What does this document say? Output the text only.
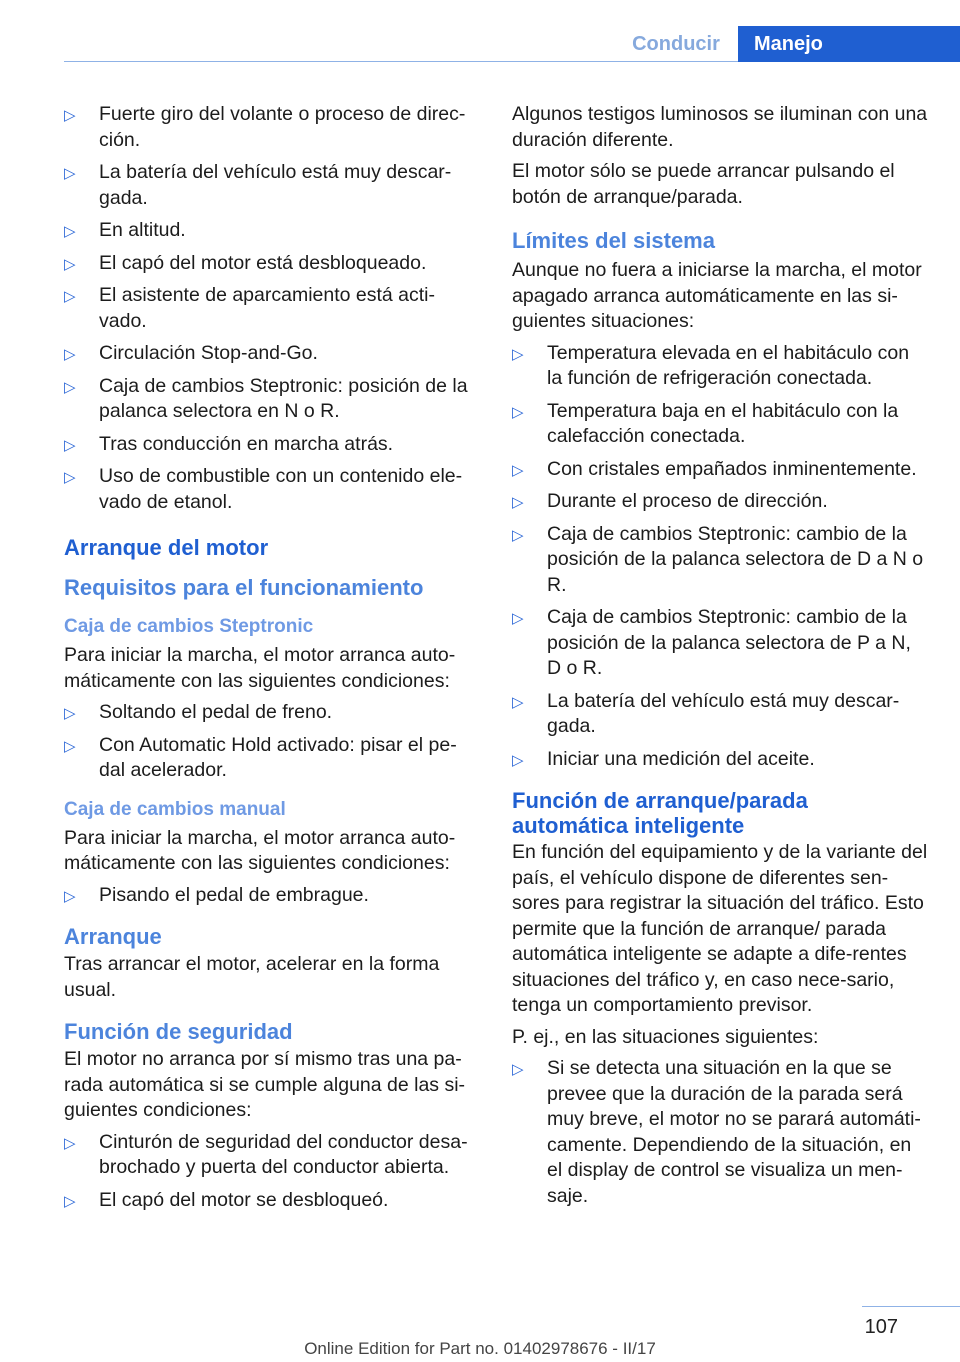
Conducir	Manejo
▷ Fuerte giro del volante o proceso de direc-ción.
▷ La batería del vehículo está muy descar-gada.
▷ En altitud.
▷ El capó del motor está desbloqueado.
▷ El asistente de aparcamiento está acti-vado.
▷ Circulación Stop-and-Go.
▷ Caja de cambios Steptronic: posición de la palanca selectora en N o R.
▷ Tras conducción en marcha atrás.
▷ Uso de combustible con un contenido ele-vado de etanol.
Arranque del motor
Requisitos para el funcionamiento
Caja de cambios Steptronic

Para iniciar la marcha, el motor arranca auto-máticamente con las siguientes condiciones:

▷ Soltando el pedal de freno.
▷ Con Automatic Hold activado: pisar el pe-dal acelerador.
Caja de cambios manual

Para iniciar la marcha, el motor arranca auto-máticamente con las siguientes condiciones:

▷ Pisando el pedal de embrague.
Arranque

Tras arrancar el motor, acelerar en la forma usual.

Función de seguridad

El motor no arranca por sí mismo tras una pa-rada automática si se cumple alguna de las si-guientes condiciones:

▷ Cinturón de seguridad del conductor desa-brochado y puerta del conductor abierta.
▷ El capó del motor se desbloqueó.

Algunos testigos luminosos se iluminan con una duración diferente.

El motor sólo se puede arrancar pulsando el botón de arranque/parada.

Límites del sistema

Aunque no fuera a iniciarse la marcha, el motor apagado arranca automáticamente en las si-guientes situaciones:

▷ Temperatura elevada en el habitáculo con la función de refrigeración conectada.
▷ Temperatura baja en el habitáculo con la calefacción conectada.
▷ Con cristales empañados inminentemente.
▷ Durante el proceso de dirección.
▷ Caja de cambios Steptronic: cambio de la posición de la palanca selectora de D a N o R.
▷ Caja de cambios Steptronic: cambio de la posición de la palanca selectora de P a N, D o R.
▷ La batería del vehículo está muy descar-gada.
▷ Iniciar una medición del aceite.
Función de arranque/parada automática inteligente

En función del equipamiento y de la variante del país, el vehículo dispone de diferentes sen-sores para registrar la situación del tráfico. Esto permite que la función de arranque/ parada automática inteligente se adapte a dife-rentes situaciones del tráfico y, en caso nece-sario, tenga un comportamiento previsor.

P. ej., en las situaciones siguientes:

▷ Si se detecta una situación en la que se prevee que la duración de la parada será muy breve, el motor no se parará automáti-camente. Dependiendo de la situación, en el display de control se visualiza un men-saje.
107
Online Edition for Part no. 01402978676 - II/17
